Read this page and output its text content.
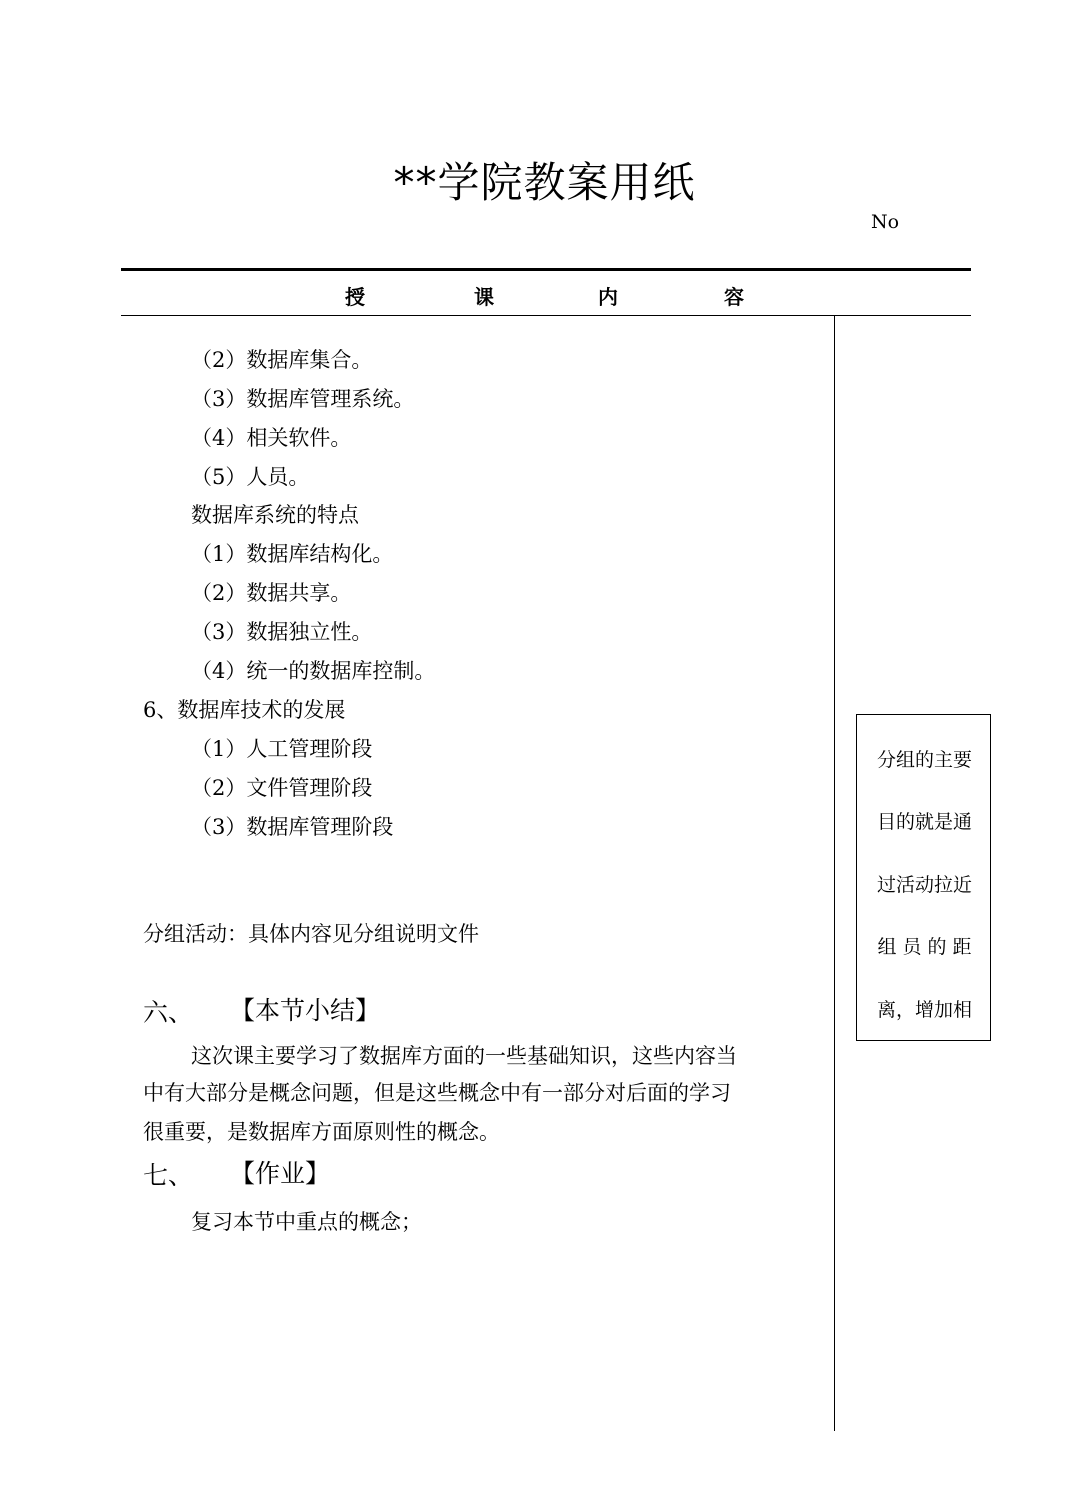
**学院教案用纸
No
授	课	内	容
（2）数据库集合。
（3）数据库管理系统。
（4）相关软件。
（5）人员。
数据库系统的特点
（1）数据库结构化。
（2）数据共享。
（3）数据独立性。
（4）统一的数据库控制。
6、数据库技术的发展
（1）人工管理阶段
（2）文件管理阶段
（3）数据库管理阶段
分组活动：具体内容见分组说明文件
六、 【本节小结】
这次课主要学习了数据库方面的一些基础知识，这些内容当
中有大部分是概念问题，但是这些概念中有一部分对后面的学习
很重要，是数据库方面原则性的概念。
七、 【作业】
复习本节中重点的概念；
分组的主要
目的就是通
过活动拉近
组 员 的 距
离，增加相
